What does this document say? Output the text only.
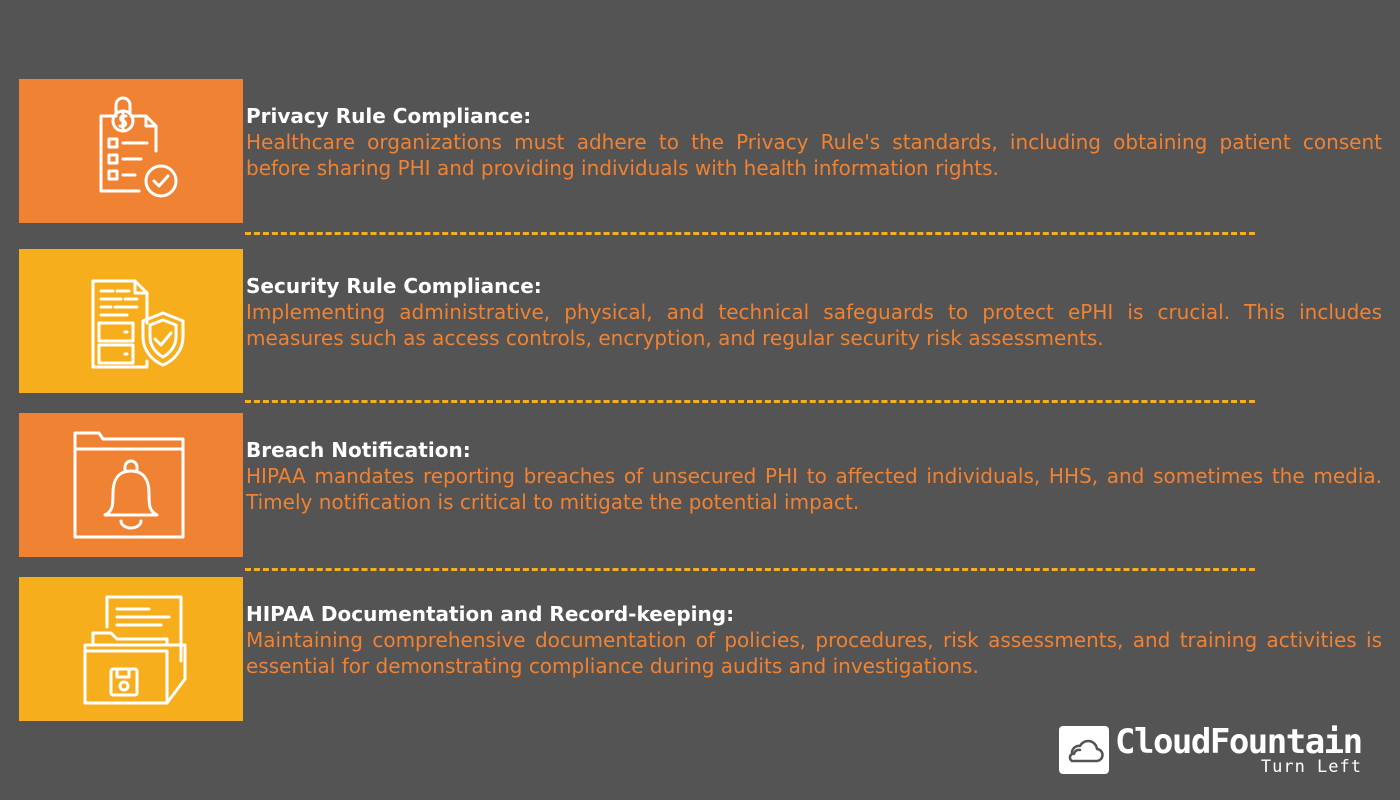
Privacy Rule Compliance:
Healthcare organizations must adhere to the Privacy Rule's standards, including obtaining patient consent before sharing PHI and providing individuals with health information rights.
Security Rule Compliance:
Implementing administrative, physical, and technical safeguards to protect ePHI is crucial. This includes measures such as access controls, encryption, and regular security risk assessments.
Breach Notification:
HIPAA mandates reporting breaches of unsecured PHI to affected individuals, HHS, and sometimes the media. Timely notification is critical to mitigate the potential impact.
HIPAA Documentation and Record-keeping:
Maintaining comprehensive documentation of policies, procedures, risk assessments, and training activities is essential for demonstrating compliance during audits and investigations.
CloudFountain
Turn Left
